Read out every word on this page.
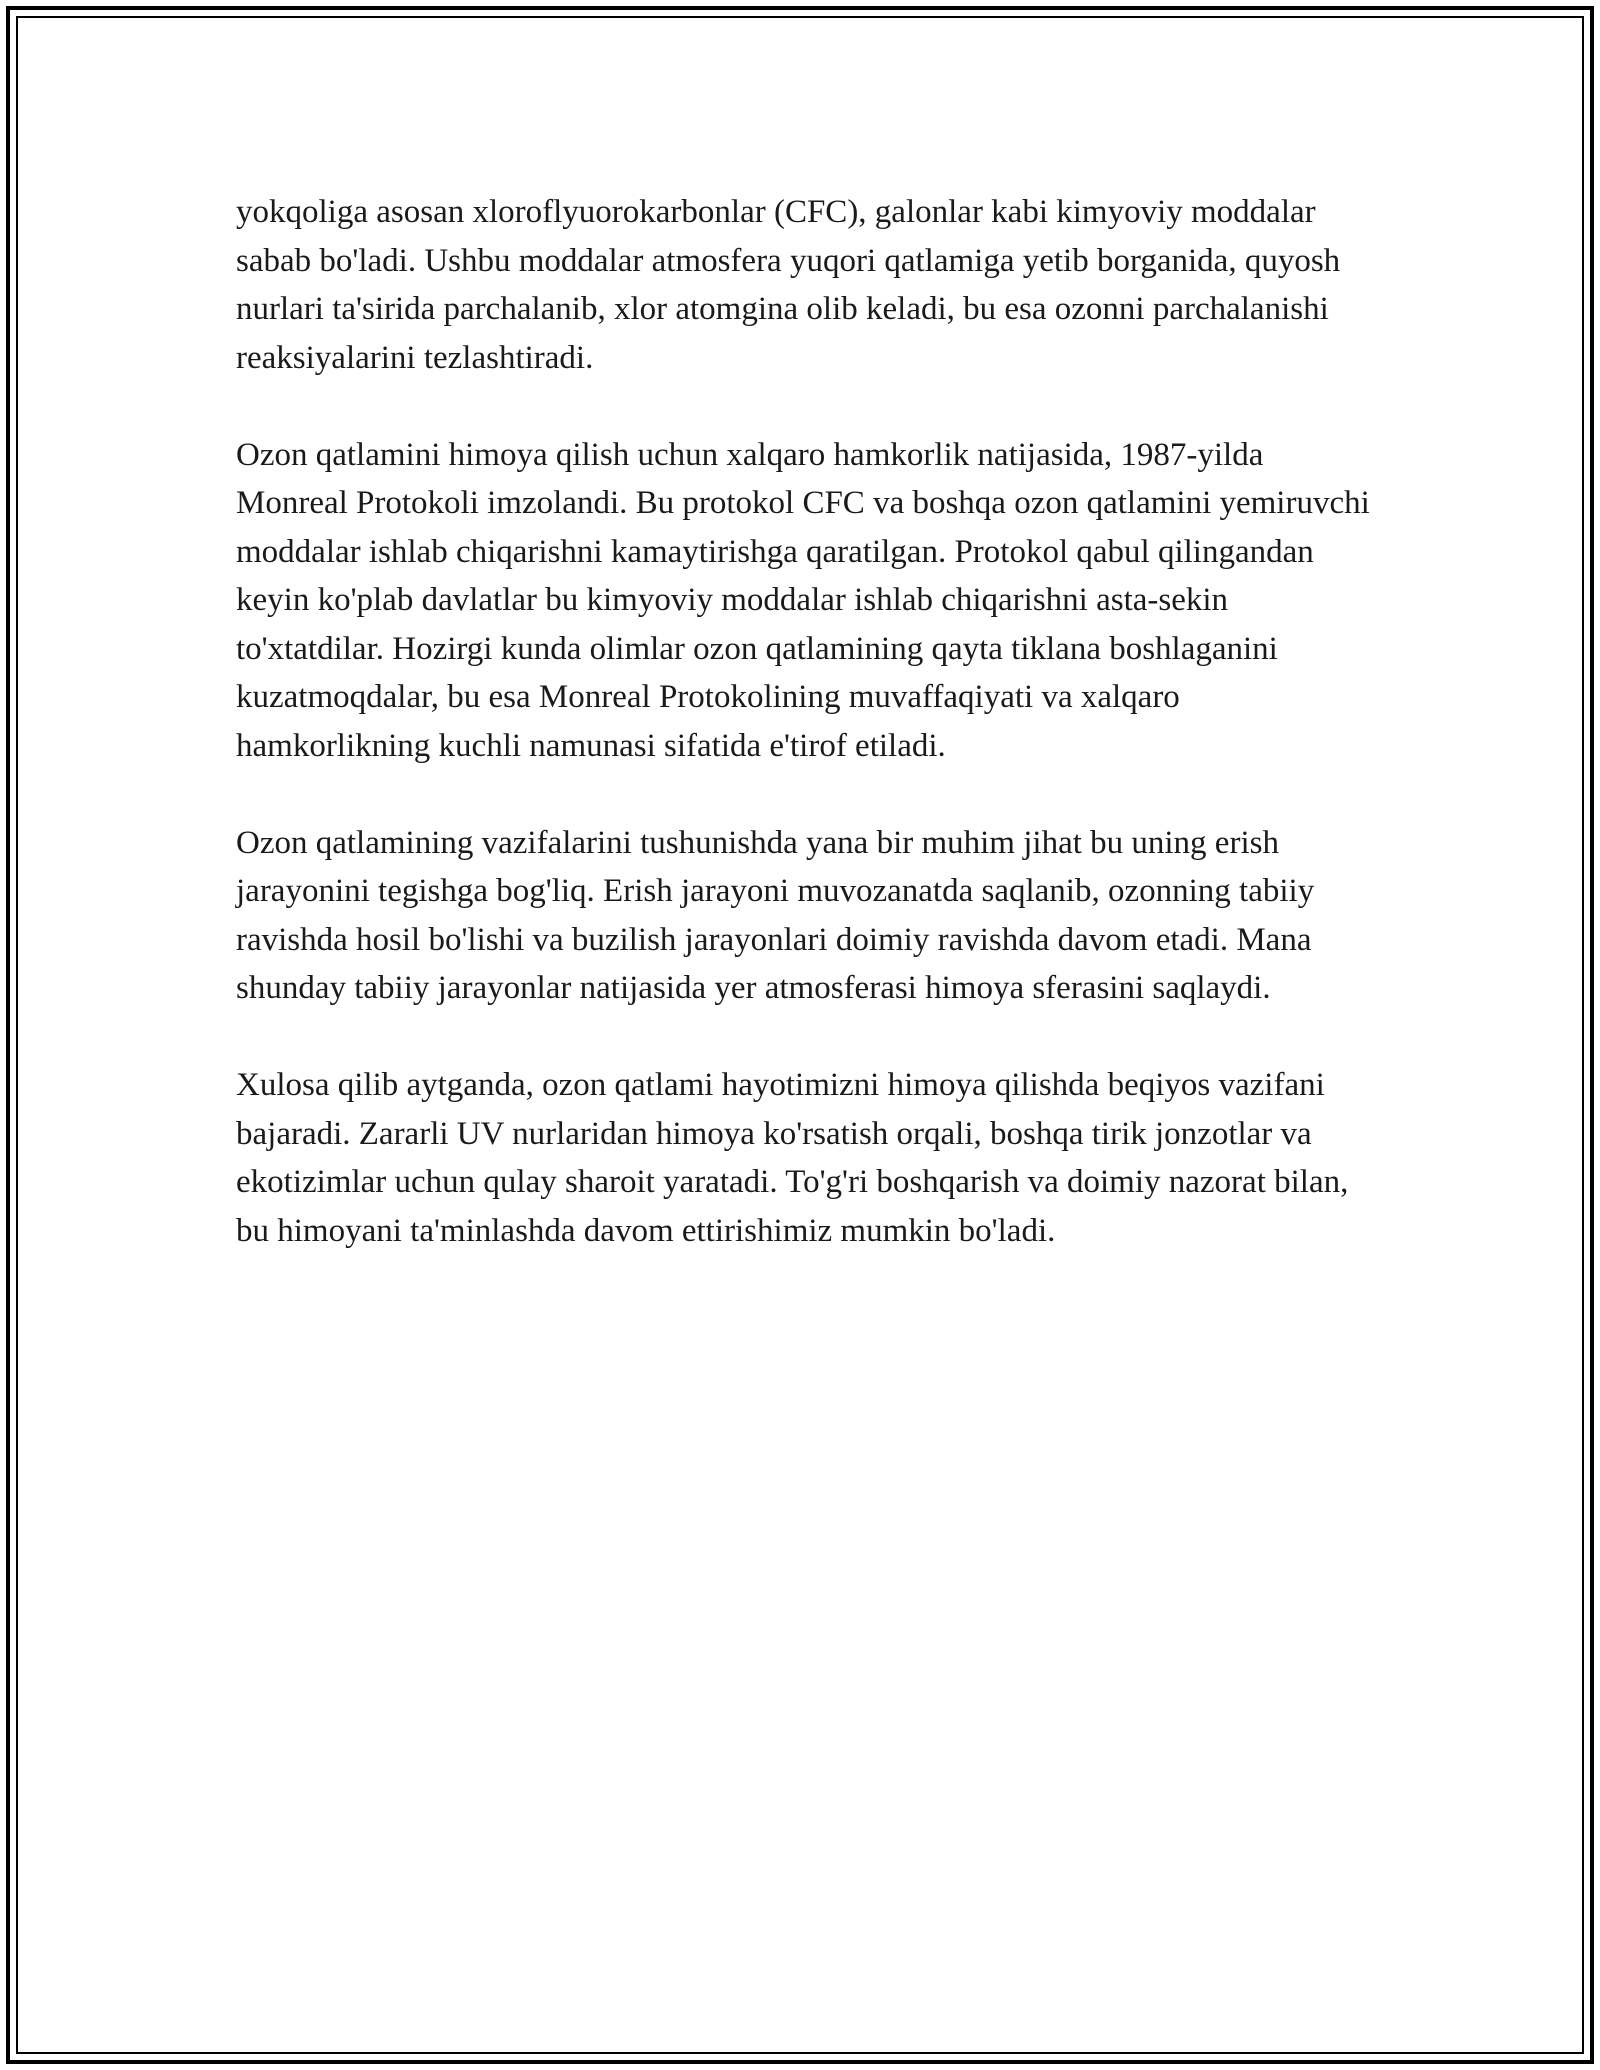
yokqoliga asosan xloroflyuorokarbonlar (CFC), galonlar kabi kimyoviy moddalar sabab bo'ladi. Ushbu moddalar atmosfera yuqori qatlamiga yetib borganida, quyosh nurlari ta'sirida parchalanib, xlor atomgina olib keladi, bu esa ozonni parchalanishi reaksiyalarini tezlashtiradi.

Ozon qatlamini himoya qilish uchun xalqaro hamkorlik natijasida, 1987-yilda Monreal Protokoli imzolandi. Bu protokol CFC va boshqa ozon qatlamini yemiruvchi moddalar ishlab chiqarishni kamaytirishga qaratilgan. Protokol qabul qilingandan keyin ko'plab davlatlar bu kimyoviy moddalar ishlab chiqarishni asta-sekin to'xtatdilar. Hozirgi kunda olimlar ozon qatlamining qayta tiklana boshlaganini kuzatmoqdalar, bu esa Monreal Protokolining muvaffaqiyati va xalqaro hamkorlikning kuchli namunasi sifatida e'tirof etiladi.

Ozon qatlamining vazifalarini tushunishda yana bir muhim jihat bu uning erish jarayonini tegishga bog'liq. Erish jarayoni muvozanatda saqlanib, ozonning tabiiy ravishda hosil bo'lishi va buzilish jarayonlari doimiy ravishda davom etadi. Mana shunday tabiiy jarayonlar natijasida yer atmosferasi himoya sferasini saqlaydi.

Xulosa qilib aytganda, ozon qatlami hayotimizni himoya qilishda beqiyos vazifani bajaradi. Zararli UV nurlaridan himoya ko'rsatish orqali, boshqa tirik jonzotlar va ekotizimlar uchun qulay sharoit yaratadi. To'g'ri boshqarish va doimiy nazorat bilan, bu himoyani ta'minlashda davom ettirishimiz mumkin bo'ladi.
